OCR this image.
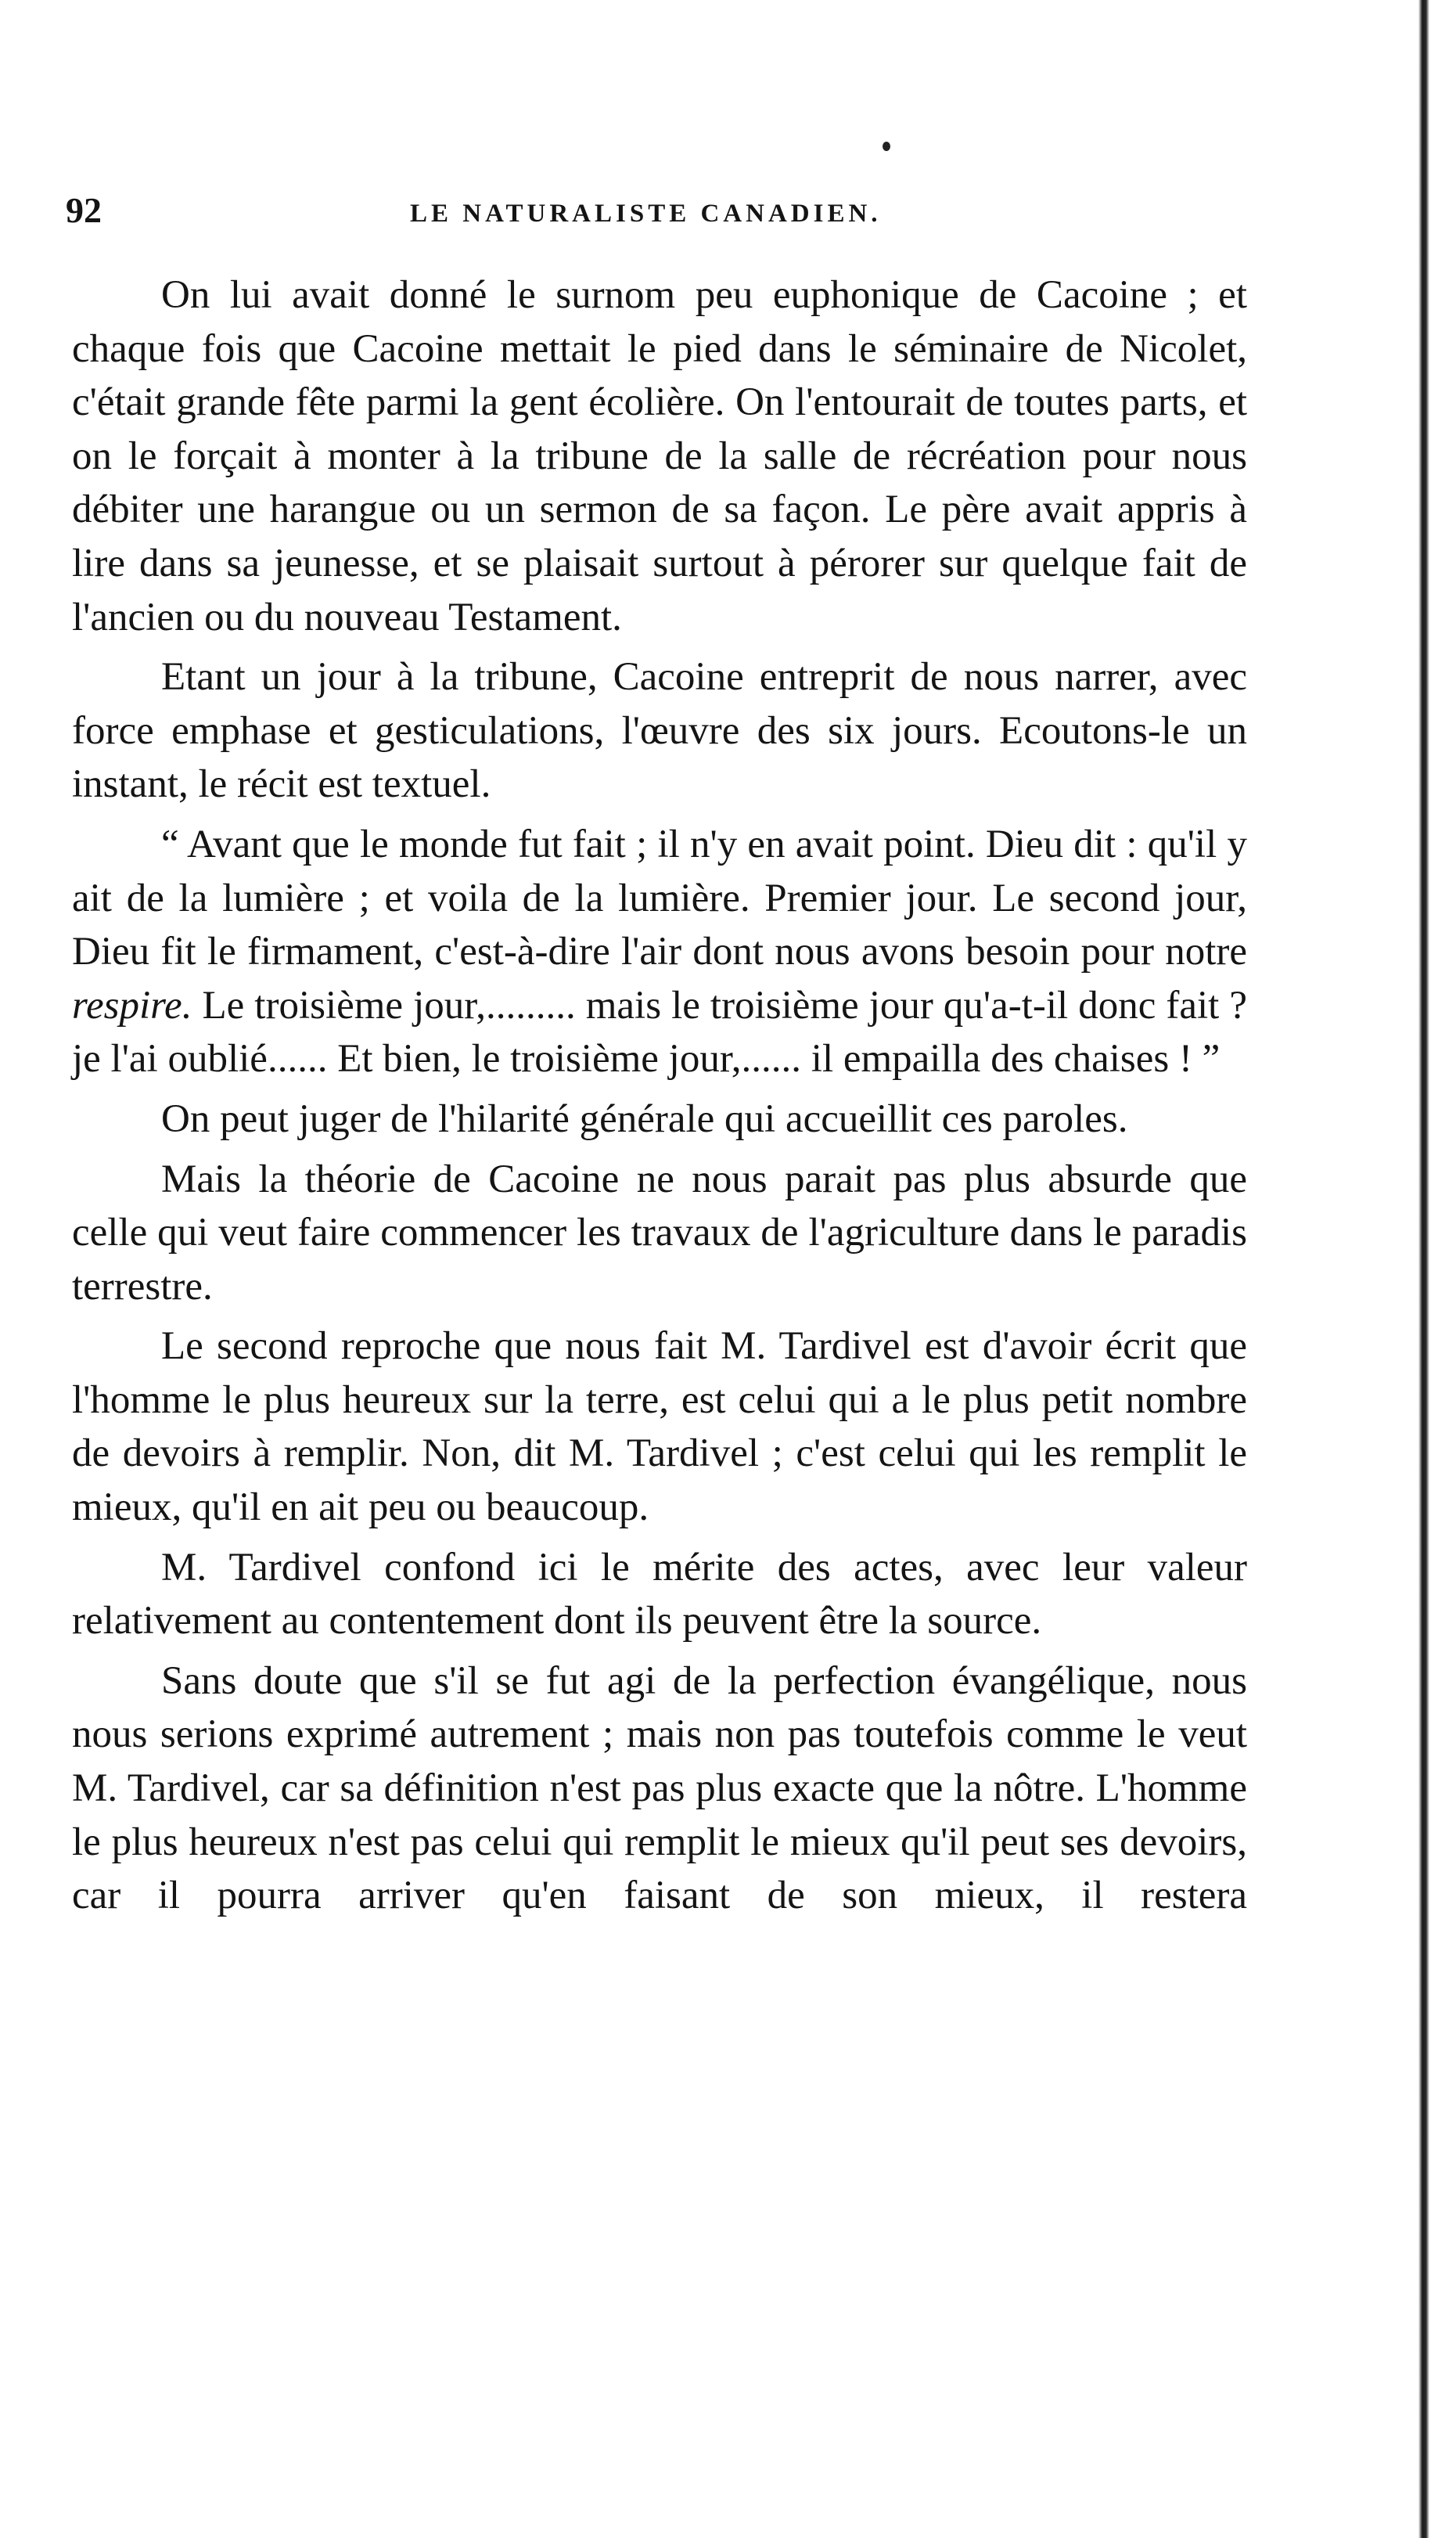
92	LE NATURALISTE CANADIEN.

On lui avait donné le surnom peu euphonique de Cacoine ; et chaque fois que Cacoine mettait le pied dans le séminaire de Nicolet, c'était grande fête parmi la gent écolière. On l'entourait de toutes parts, et on le forçait à monter à la tribune de la salle de récréation pour nous débiter une harangue ou un sermon de sa façon. Le père avait appris à lire dans sa jeunesse, et se plaisait surtout à pérorer sur quelque fait de l'ancien ou du nouveau Testament.

Etant un jour à la tribune, Cacoine entreprit de nous narrer, avec force emphase et gesticulations, l'œuvre des six jours. Ecoutons-le un instant, le récit est textuel.

“ Avant que le monde fut fait ; il n'y en avait point. Dieu dit : qu'il y ait de la lumière ; et voila de la lumière. Premier jour. Le second jour, Dieu fit le firmament, c'est-à-dire l'air dont nous avons besoin pour notre respire. Le troisième jour,......... mais le troisième jour qu'a-t-il donc fait ? je l'ai oublié...... Et bien, le troisième jour,...... il empailla des chaises ! ”

On peut juger de l'hilarité générale qui accueillit ces paroles.

Mais la théorie de Cacoine ne nous parait pas plus absurde que celle qui veut faire commencer les travaux de l'agriculture dans le paradis terrestre.

Le second reproche que nous fait M. Tardivel est d'avoir écrit que l'homme le plus heureux sur la terre, est celui qui a le plus petit nombre de devoirs à remplir. Non, dit M. Tardivel ; c'est celui qui les remplit le mieux, qu'il en ait peu ou beaucoup.

M. Tardivel confond ici le mérite des actes, avec leur valeur relativement au contentement dont ils peuvent être la source.

Sans doute que s'il se fut agi de la perfection évangélique, nous nous serions exprimé autrement ; mais non pas toutefois comme le veut M. Tardivel, car sa définition n'est pas plus exacte que la nôtre. L'homme le plus heureux n'est pas celui qui remplit le mieux qu'il peut ses devoirs, car il pourra arriver qu'en faisant de son mieux, il restera
